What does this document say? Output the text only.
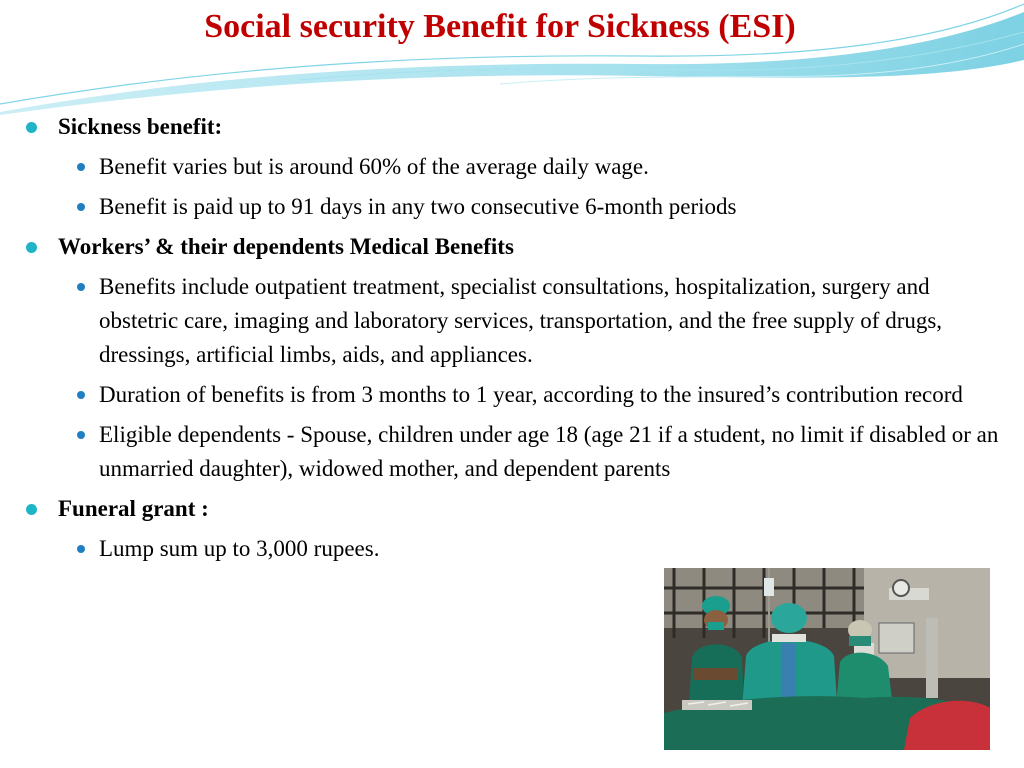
Social security Benefit for Sickness (ESI)
Sickness benefit:
Benefit varies but is around 60% of the average daily wage.
Benefit is paid up to 91 days in any two consecutive 6-month periods
Workers’ & their dependents Medical Benefits
Benefits include outpatient treatment, specialist consultations, hospitalization, surgery and obstetric care, imaging and laboratory services, transportation, and the free supply of drugs, dressings, artificial limbs, aids, and appliances.
Duration of benefits is from 3 months to 1 year, according to the insured’s contribution record
Eligible dependents - Spouse, children under age 18 (age 21 if a student, no limit if disabled or an unmarried daughter), widowed mother, and dependent parents
Funeral grant :
Lump sum up to 3,000 rupees.
